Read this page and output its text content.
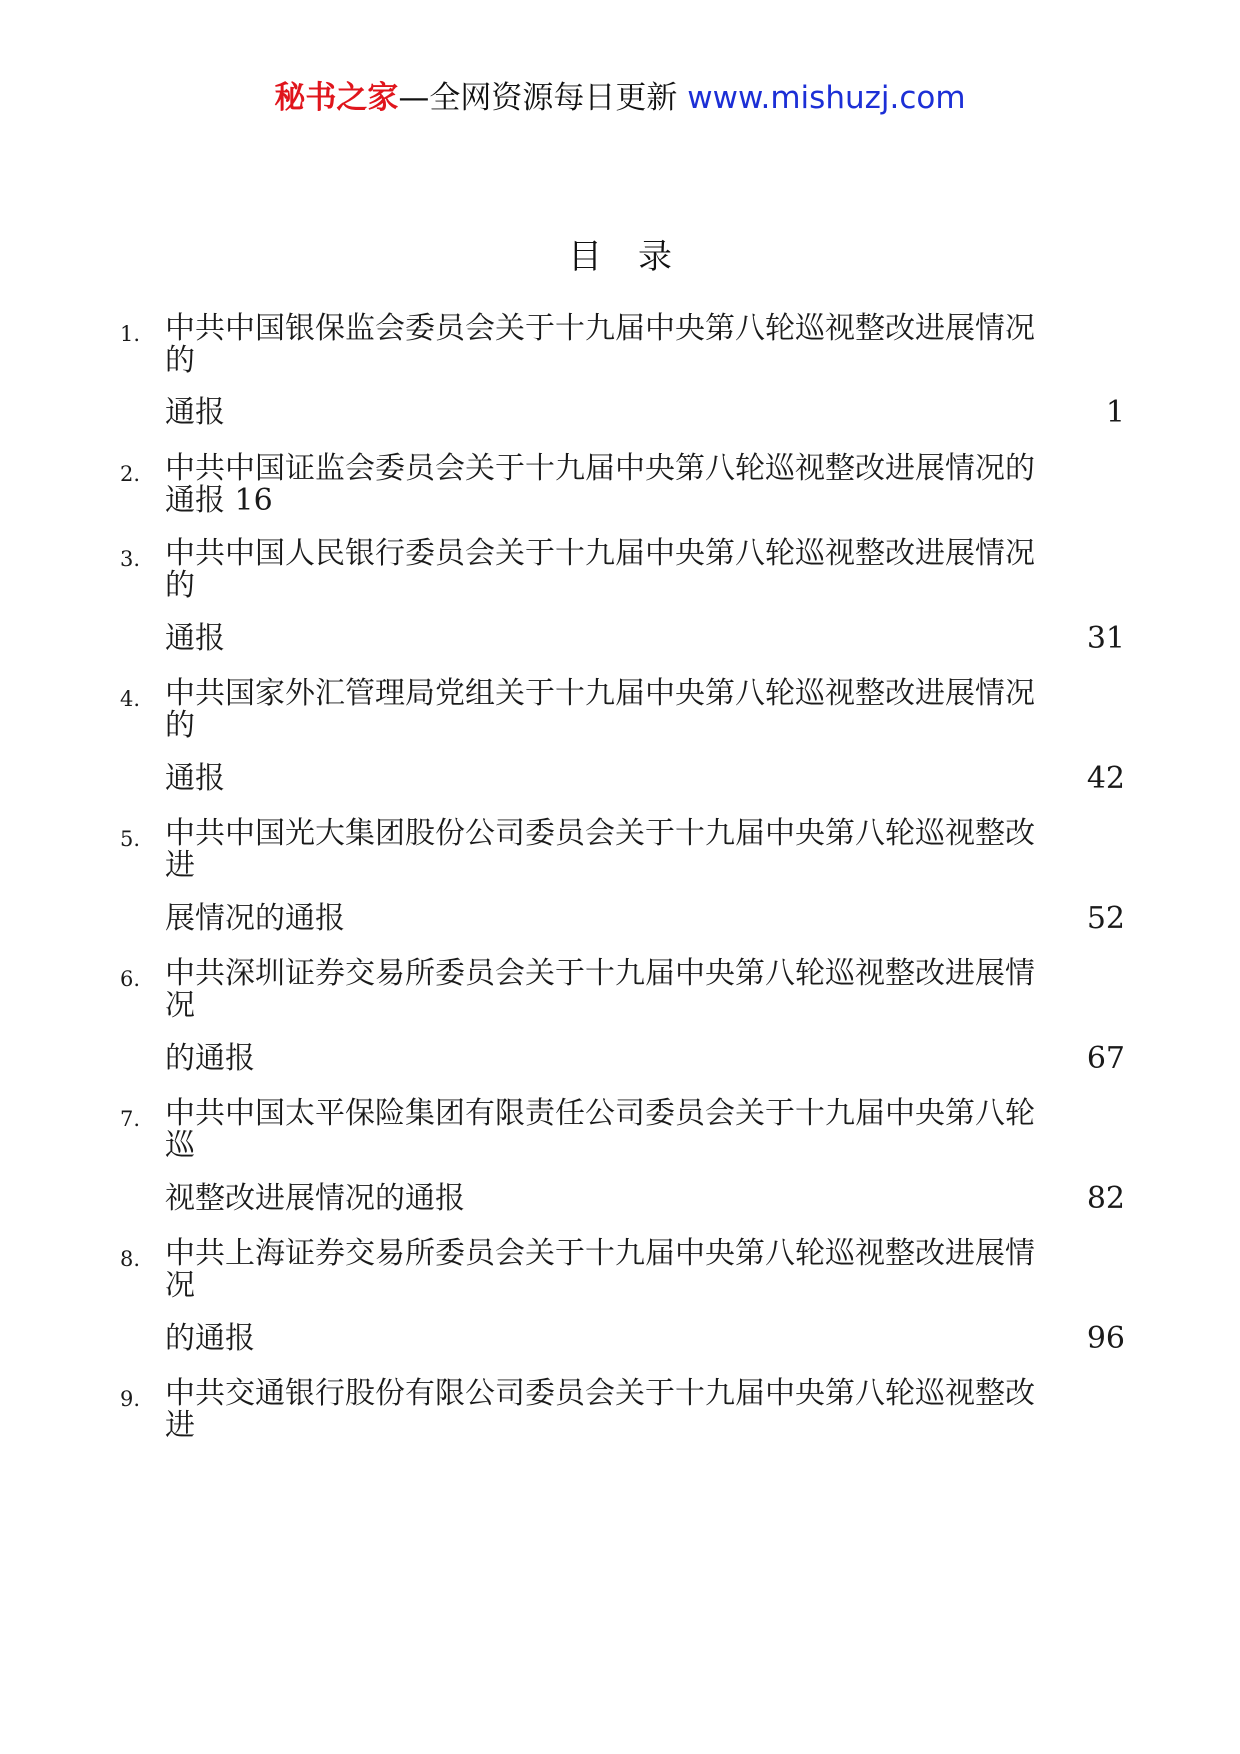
秘书之家—全网资源每日更新 www.mishuzj.com
目录
1. 中共中国银保监会委员会关于十九届中央第八轮巡视整改进展情况
的
通报	1
2. 中共中国证监会委员会关于十九届中央第八轮巡视整改进展情况的
通报 16
3. 中共中国人民银行委员会关于十九届中央第八轮巡视整改进展情况
的
通报	31
4. 中共国家外汇管理局党组关于十九届中央第八轮巡视整改进展情况
的
通报	42
5. 中共中国光大集团股份公司委员会关于十九届中央第八轮巡视整改
进
展情况的通报	52
6. 中共深圳证券交易所委员会关于十九届中央第八轮巡视整改进展情
况
的通报	67
7. 中共中国太平保险集团有限责任公司委员会关于十九届中央第八轮
巡
视整改进展情况的通报	82
8. 中共上海证券交易所委员会关于十九届中央第八轮巡视整改进展情
况
的通报	96
9. 中共交通银行股份有限公司委员会关于十九届中央第八轮巡视整改
进
